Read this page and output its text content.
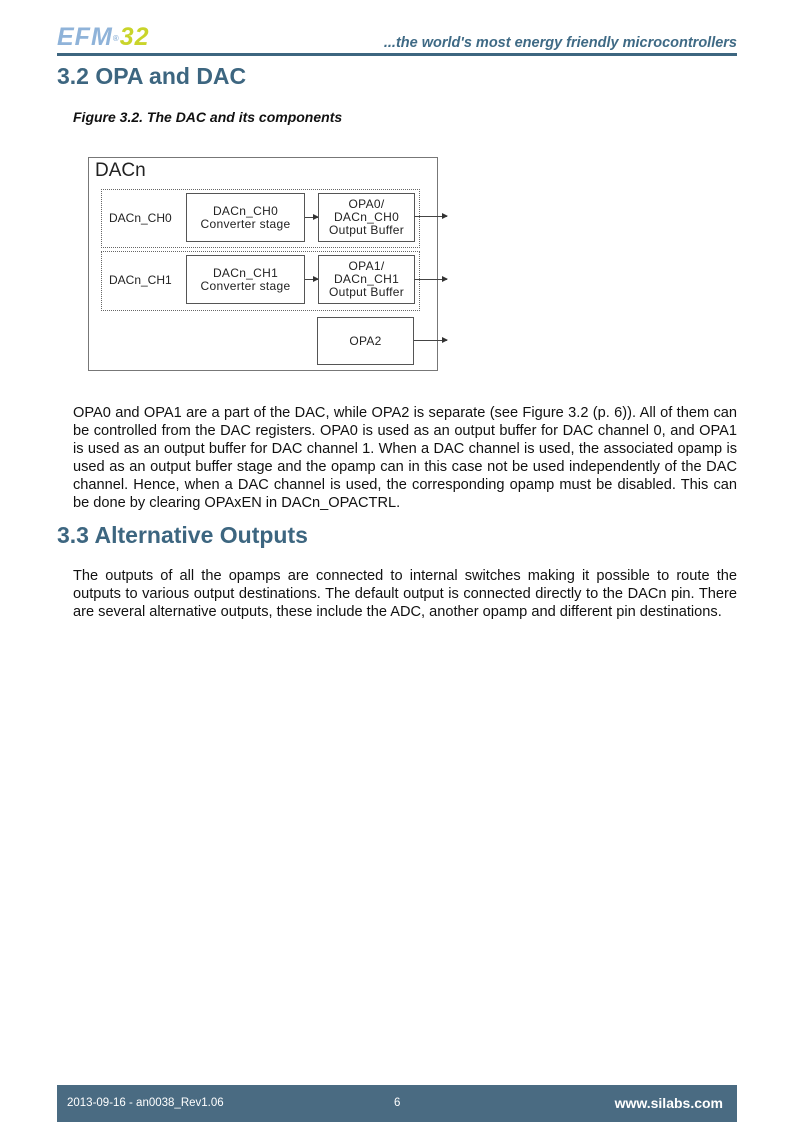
EFM®32	...the world's most energy friendly microcontrollers
3.2 OPA and DAC
Figure 3.2. The DAC and its components
DACn
DACn_CH0
DACn_CH0
Converter stage
OPA0/
DACn_CH0
Output Buffer
DACn_CH1
DACn_CH1
Converter stage
OPA1/
DACn_CH1
Output Buffer
OPA2

OPA0 and OPA1 are a part of the DAC, while OPA2 is separate (see Figure 3.2 (p. 6)). All of them can be controlled from the DAC registers. OPA0 is used as an output buffer for DAC channel 0, and OPA1 is used as an output buffer for DAC channel 1. When a DAC channel is used, the associated opamp is used as an output buffer stage and the opamp can in this case not be used independently of the DAC channel. Hence, when a DAC channel is used, the corresponding opamp must be disabled. This can be done by clearing OPAxEN in DACn_OPACTRL.

3.3 Alternative Outputs

The outputs of all the opamps are connected to internal switches making it possible to route the outputs to various output destinations. The default output is connected directly to the DACn pin. There are several alternative outputs, these include the ADC, another opamp and different pin destinations.

2013-09-16 - an0038_Rev1.06	6	www.silabs.com
